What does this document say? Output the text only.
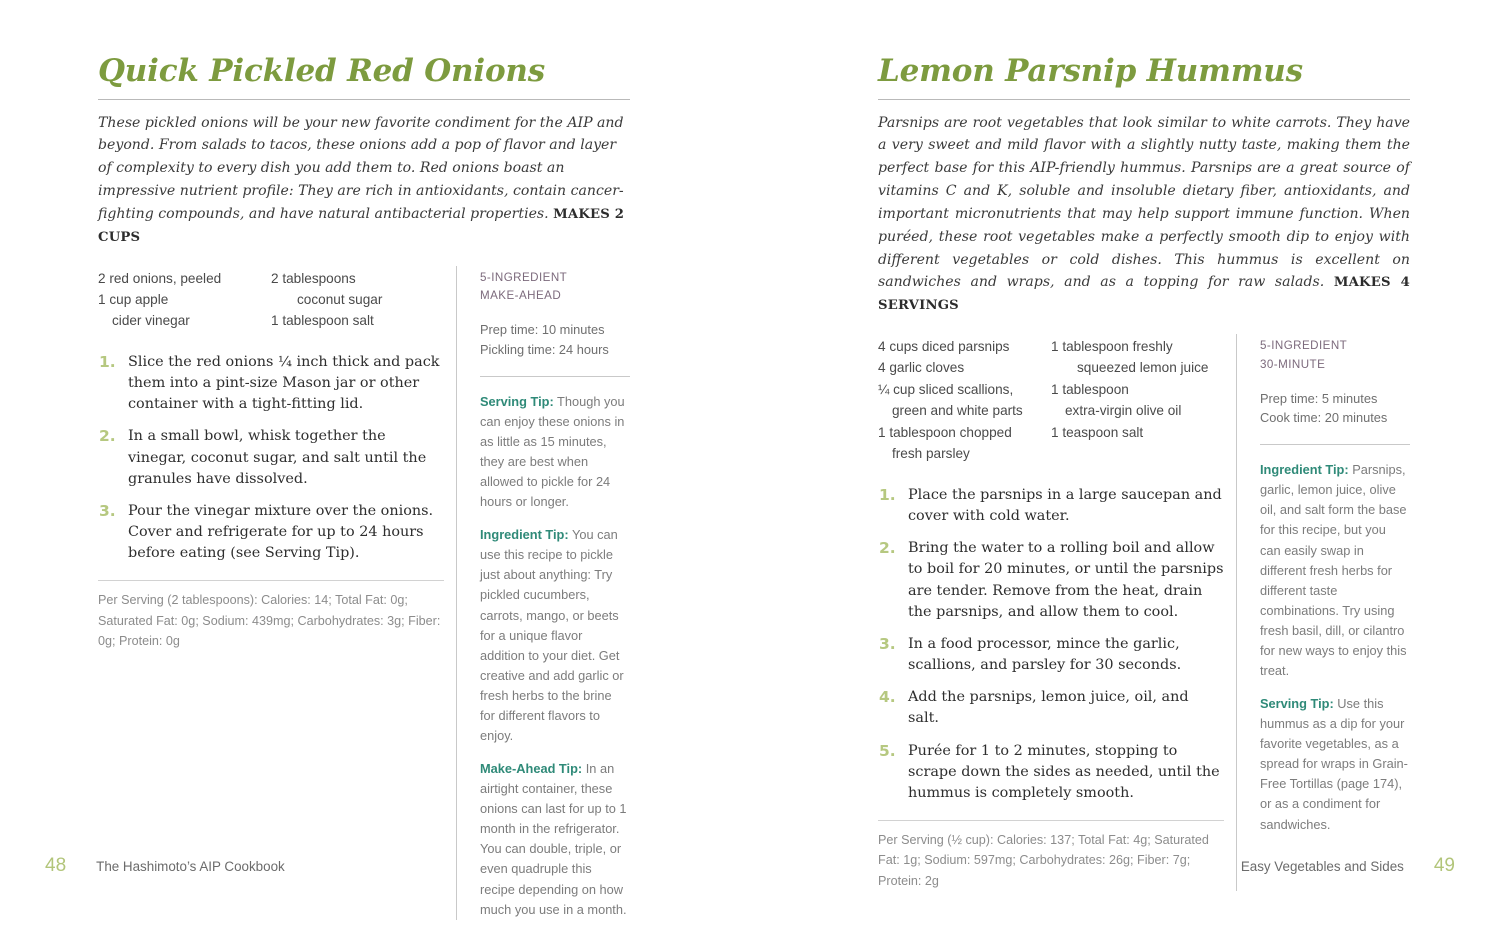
Quick Pickled Red Onions

These pickled onions will be your new favorite condiment for the AIP and beyond. From salads to tacos, these onions add a pop of flavor and layer of complexity to every dish you add them to. Red onions boast an impressive nutrient profile: They are rich in antioxidants, contain cancer-fighting compounds, and have natural antibacterial properties. MAKES 2 CUPS

2 red onions, peeled
1 cup apple
cider vinegar
2 tablespoons
coconut sugar
1 tablespoon salt
Slice the red onions ¼ inch thick and pack them into a pint-size Mason jar or other container with a tight-fitting lid.
In a small bowl, whisk together the vinegar, coconut sugar, and salt until the granules have dissolved.
Pour the vinegar mixture over the onions. Cover and refrigerate for up to 24 hours before eating (see Serving Tip).

Per Serving (2 tablespoons): Calories: 14; Total Fat: 0g; Saturated Fat: 0g; Sodium: 439mg; Carbohydrates: 3g; Fiber: 0g; Protein: 0g

5-INGREDIENT
MAKE-AHEAD
Prep time: 10 minutes
Pickling time: 24 hours

Serving Tip: Though you can enjoy these onions in as little as 15 minutes, they are best when allowed to pickle for 24 hours or longer.

Ingredient Tip: You can use this recipe to pickle just about anything: Try pickled cucumbers, carrots, mango, or beets for a unique flavor addition to your diet. Get creative and add garlic or fresh herbs to the brine for different flavors to enjoy.

Make-Ahead Tip: In an airtight container, these onions can last for up to 1 month in the refrigerator. You can double, triple, or even quadruple this recipe depending on how much you use in a month.

48 The Hashimoto’s AIP Cookbook
Lemon Parsnip Hummus

Parsnips are root vegetables that look similar to white carrots. They have a very sweet and mild flavor with a slightly nutty taste, making them the perfect base for this AIP-friendly hummus. Parsnips are a great source of vitamins C and K, soluble and insoluble dietary fiber, antioxidants, and important micronutrients that may help support immune function. When puréed, these root vegetables make a perfectly smooth dip to enjoy with different vegetables or cold dishes. This hummus is excellent on sandwiches and wraps, and as a topping for raw salads. MAKES 4 SERVINGS

4 cups diced parsnips
4 garlic cloves
¼ cup sliced scallions,
green and white parts
1 tablespoon chopped
fresh parsley
1 tablespoon freshly
squeezed lemon juice
1 tablespoon
extra-virgin olive oil
1 teaspoon salt
Place the parsnips in a large saucepan and cover with cold water.
Bring the water to a rolling boil and allow to boil for 20 minutes, or until the parsnips are tender. Remove from the heat, drain the parsnips, and allow them to cool.
In a food processor, mince the garlic, scallions, and parsley for 30 seconds.
Add the parsnips, lemon juice, oil, and salt.
Purée for 1 to 2 minutes, stopping to scrape down the sides as needed, until the hummus is completely smooth.

Per Serving (½ cup): Calories: 137; Total Fat: 4g; Saturated Fat: 1g; Sodium: 597mg; Carbohydrates: 26g; Fiber: 7g; Protein: 2g

5-INGREDIENT
30-MINUTE
Prep time: 5 minutes
Cook time: 20 minutes

Ingredient Tip: Parsnips, garlic, lemon juice, olive oil, and salt form the base for this recipe, but you can easily swap in different fresh herbs for different taste combinations. Try using fresh basil, dill, or cilantro for new ways to enjoy this treat.

Serving Tip: Use this hummus as a dip for your favorite vegetables, as a spread for wraps in Grain-Free Tortillas (page 174), or as a condiment for sandwiches.

Easy Vegetables and Sides 49
